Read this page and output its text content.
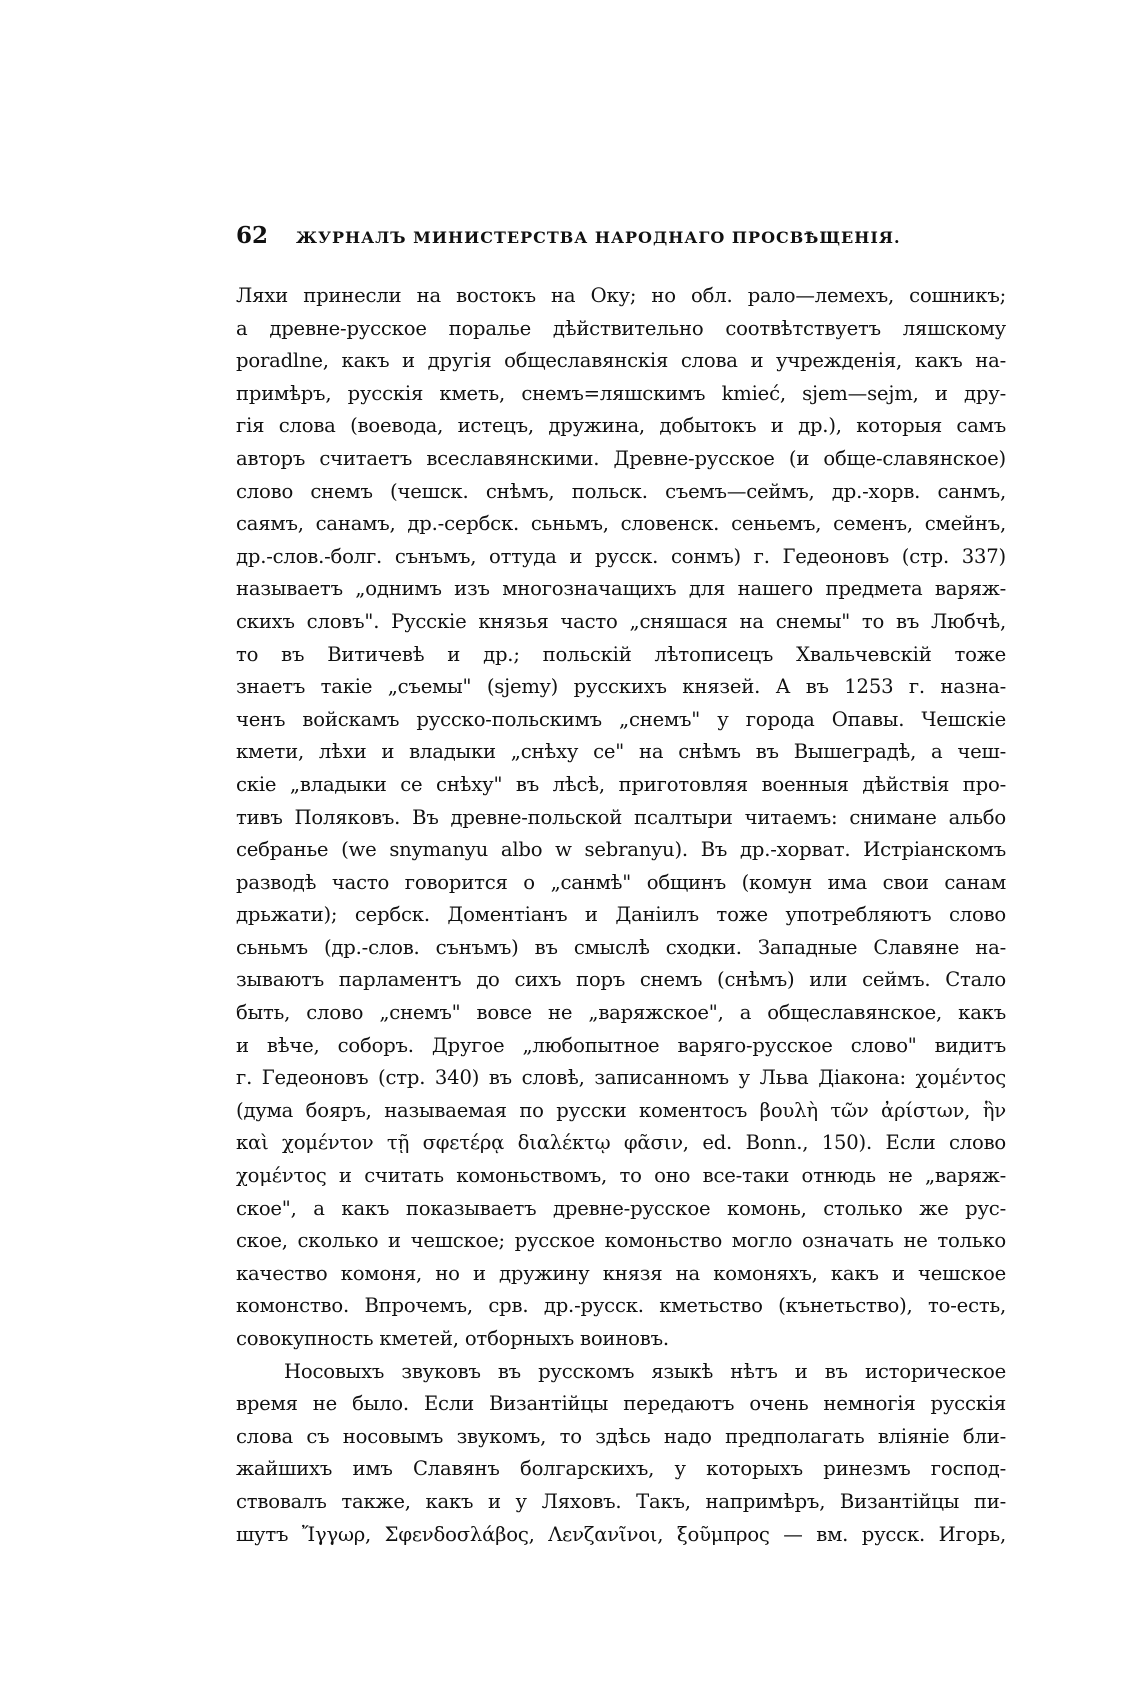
62	ЖУРНАЛЪ МИНИСТЕРСТВА НАРОДНАГО ПРОСВѢЩЕНІЯ.
Ляхи принесли на востокъ на Оку; но обл. рало—лемехъ, сошникъ;
а древне-русское поралье дѣйствительно соотвѣтствуетъ ляшскому
poradlne, какъ и другія общеславянскія слова и учрежденія, какъ на-
примѣръ, русскія кметь, снемъ=ляшскимъ kmieć, sjem—sejm, и дру-
гія слова (воевода, истецъ, дружина, добытокъ и др.), которыя самъ
авторъ считаетъ всеславянскими. Древне-русское (и обще-славянское)
слово снемъ (чешск. снѣмъ, польск. съемъ—сеймъ, др.-хорв. санмъ,
саямъ, санамъ, др.-сербск. сьньмъ, словенск. сеньемъ, семенъ, смейнъ,
др.-слов.-болг. сънъмъ, оттуда и русск. сонмъ) г. Гедеоновъ (стр. 337)
называетъ „однимъ изъ многозначащихъ для нашего предмета варяж-
скихъ словъ". Русскіе князья часто „сняшася на снемы" то въ Любчѣ,
то въ Витичевѣ и др.; польскій лѣтописецъ Хвальчевскій тоже
знаетъ такіе „съемы" (sjemy) русскихъ князей. А въ 1253 г. назна-
ченъ войскамъ русско-польскимъ „снемъ" у города Опавы. Чешскіе
кмети, лѣхи и владыки „снѣху се" на снѣмъ въ Вышеградѣ, а чеш-
скіе „владыки се снѣху" въ лѣсѣ, приготовляя военныя дѣйствія про-
тивъ Поляковъ. Въ древне-польской псалтыри читаемъ: снимане альбо
себранье (we snymanyu albo w sebranyu). Въ др.-хорват. Истріанскомъ
разводѣ часто говорится о „санмѣ" общинъ (комун има свои санам
дрьжати); сербск. Доментіанъ и Даніилъ тоже употребляютъ слово
сьньмъ (др.-слов. сънъмъ) въ смыслѣ сходки. Западные Славяне на-
зываютъ парламентъ до сихъ поръ снемъ (снѣмъ) или сеймъ. Стало
быть, слово „снемъ" вовсе не „варяжское", а общеславянское, какъ
и вѣче, соборъ. Другое „любопытное варяго-русское слово" видитъ
г. Гедеоновъ (стр. 340) въ словѣ, записанномъ у Льва Діакона: χομέντος
(дума бояръ, называемая по русски коментосъ βουλὴ τῶν ἀρίστων, ἣν
καὶ χομέντον τῇ σφετέρᾳ διαλέκτῳ φᾶσιν, ed. Bonn., 150). Если слово
χομέντος и считать комоньствомъ, то оно все-таки отнюдь не „варяж-
ское", а какъ показываетъ древне-русское комонь, столько же рус-
ское, сколько и чешское; русское комоньство могло означать не только
качество комоня, но и дружину князя на комоняхъ, какъ и чешское
комонство. Впрочемъ, срв. др.-русск. кметьство (кънетьство), то-есть,
совокупность кметей, отборныхъ воиновъ.
Носовыхъ звуковъ въ русскомъ языкѣ нѣтъ и въ историческое
время не было. Если Византійцы передаютъ очень немногія русскія
слова съ носовымъ звукомъ, то здѣсь надо предполагать вліяніе бли-
жайшихъ имъ Славянъ болгарскихъ, у которыхъ ринезмъ господ-
ствовалъ также, какъ и у Ляховъ. Такъ, напримѣръ, Византійцы пи-
шутъ Ἴγγωρ, Σφενδοσλάβος, Λενζανῖνοι, ξοῦμπρος — вм. русск. Игорь,
